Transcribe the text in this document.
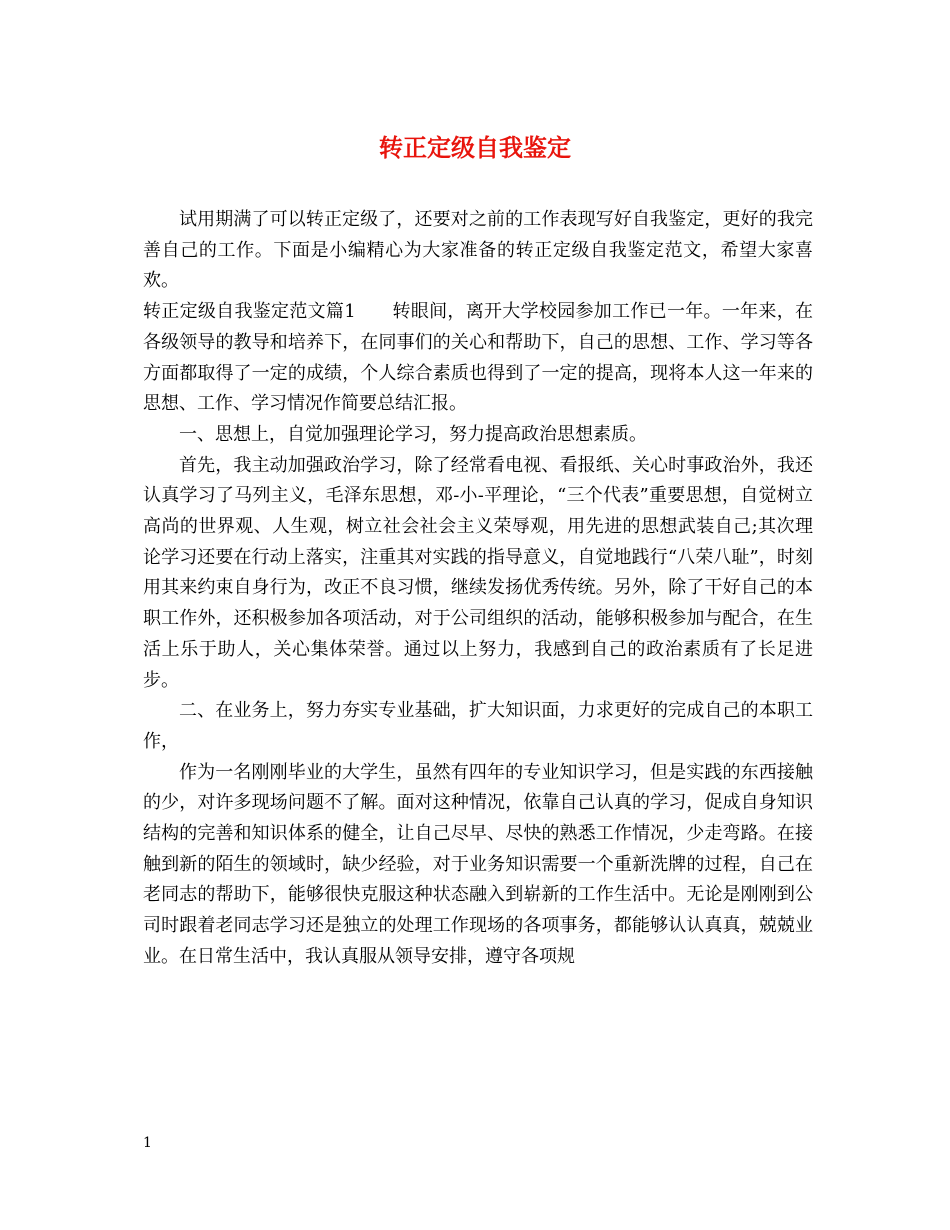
转正定级自我鉴定

试用期满了可以转正定级了，还要对之前的工作表现写好自我鉴定，更好的我完善自己的工作。下面是小编精心为大家准备的转正定级自我鉴定范文，希望大家喜欢。

转正定级自我鉴定范文篇1　　转眼间，离开大学校园参加工作已一年。一年来，在各级领导的教导和培养下，在同事们的关心和帮助下，自己的思想、工作、学习等各方面都取得了一定的成绩，个人综合素质也得到了一定的提高，现将本人这一年来的思想、工作、学习情况作简要总结汇报。

一、思想上，自觉加强理论学习，努力提高政治思想素质。

首先，我主动加强政治学习，除了经常看电视、看报纸、关心时事政治外，我还认真学习了马列主义，毛泽东思想，邓-小-平理论，“三个代表”重要思想，自觉树立高尚的世界观、人生观，树立社会社会主义荣辱观，用先进的思想武装自己;其次理论学习还要在行动上落实，注重其对实践的指导意义，自觉地践行“八荣八耻”，时刻用其来约束自身行为，改正不良习惯，继续发扬优秀传统。另外，除了干好自己的本职工作外，还积极参加各项活动，对于公司组织的活动，能够积极参加与配合，在生活上乐于助人，关心集体荣誉。通过以上努力，我感到自己的政治素质有了长足进步。

二、在业务上，努力夯实专业基础，扩大知识面，力求更好的完成自己的本职工作，

作为一名刚刚毕业的大学生，虽然有四年的专业知识学习，但是实践的东西接触的少，对许多现场问题不了解。面对这种情况，依靠自己认真的学习，促成自身知识结构的完善和知识体系的健全，让自己尽早、尽快的熟悉工作情况，少走弯路。在接触到新的陌生的领域时，缺少经验，对于业务知识需要一个重新洗牌的过程，自己在老同志的帮助下，能够很快克服这种状态融入到崭新的工作生活中。无论是刚刚到公司时跟着老同志学习还是独立的处理工作现场的各项事务，都能够认认真真，兢兢业业。在日常生活中，我认真服从领导安排，遵守各项规

1
